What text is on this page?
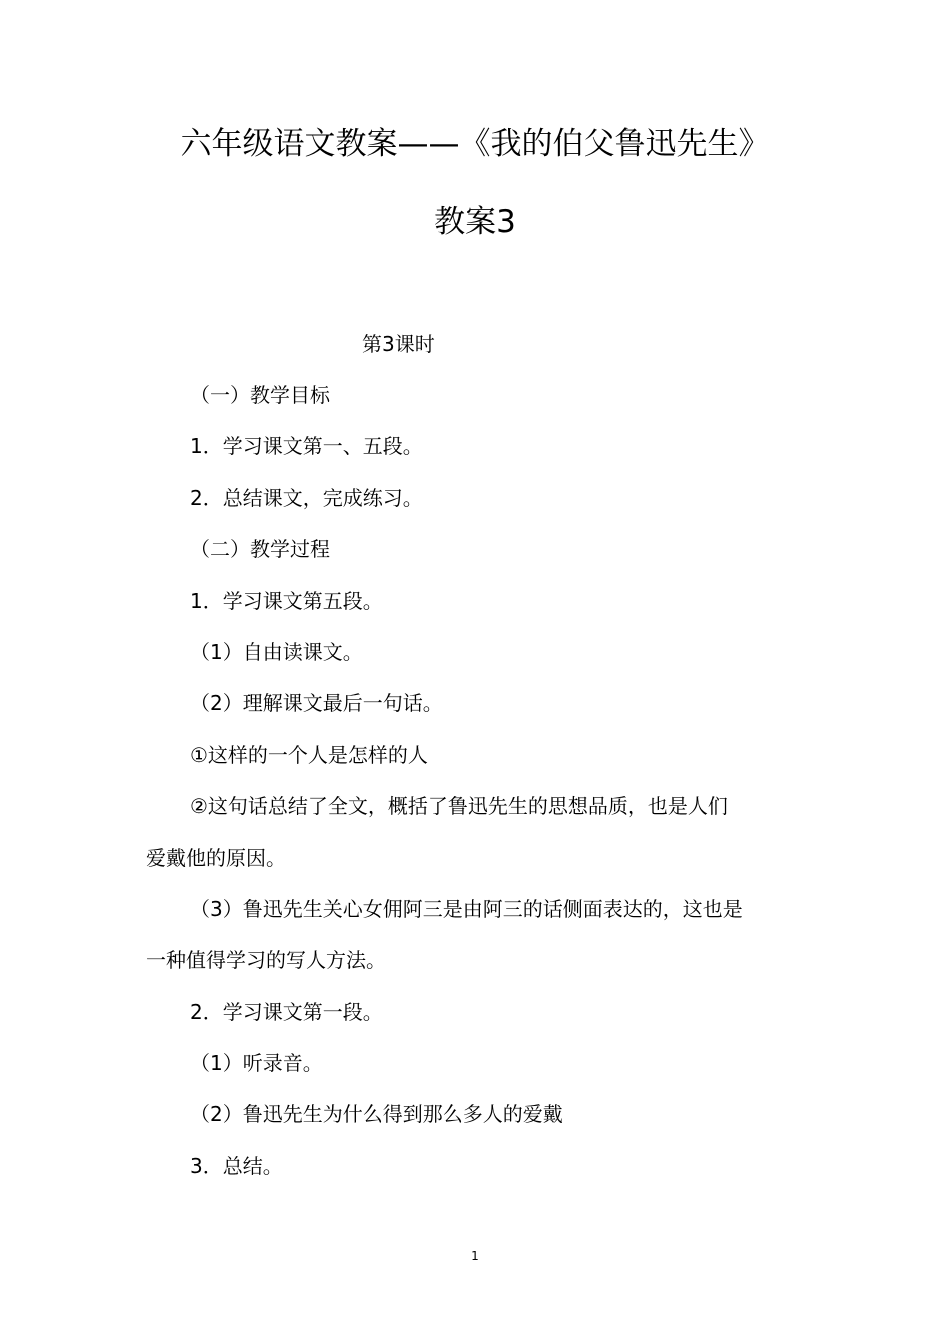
六年级语文教案——《我的伯父鲁迅先生》
教案3
第3课时
（一）教学目标
1．学习课文第一、五段。
2．总结课文，完成练习。
（二）教学过程
1．学习课文第五段。
（1）自由读课文。
（2）理解课文最后一句话。
①这样的一个人是怎样的人
②这句话总结了全文，概括了鲁迅先生的思想品质，也是人们
爱戴他的原因。
（3）鲁迅先生关心女佣阿三是由阿三的话侧面表达的，这也是
一种值得学习的写人方法。
2．学习课文第一段。
（1）听录音。
（2）鲁迅先生为什么得到那么多人的爱戴
3．总结。
1
